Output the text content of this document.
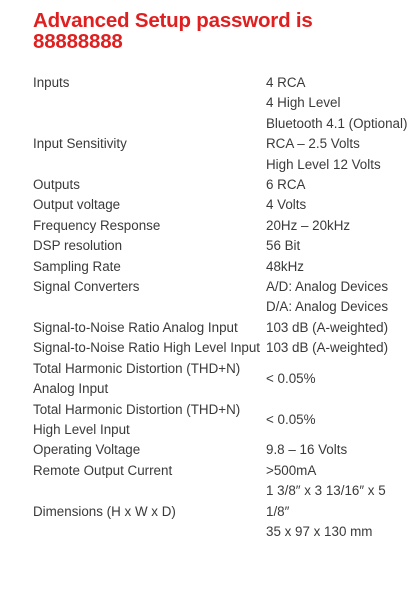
Advanced Setup password is 88888888
Inputs	4 RCA
4 High Level
Bluetooth 4.1 (Optional)

Input Sensitivity	RCA – 2.5 Volts
High Level 12 Volts

Outputs	6 RCA
Output voltage	4 Volts
Frequency Response	20Hz – 20kHz
DSP resolution	56 Bit
Sampling Rate	48kHz
Signal Converters	A/D: Analog Devices
D/A: Analog Devices

Signal-to-Noise Ratio Analog Input	103 dB (A-weighted)
Signal-to-Noise Ratio High Level Input	103 dB (A-weighted)
Total Harmonic Distortion (THD+N) Analog Input	< 0.05%
Total Harmonic Distortion (THD+N) High Level Input	< 0.05%
Operating Voltage	9.8 – 16 Volts
Remote Output Current	>500mA
Dimensions (H x W x D)	1 3/8″ x 3 13/16″ x 5 1/8″
35 x 97 x 130 mm
